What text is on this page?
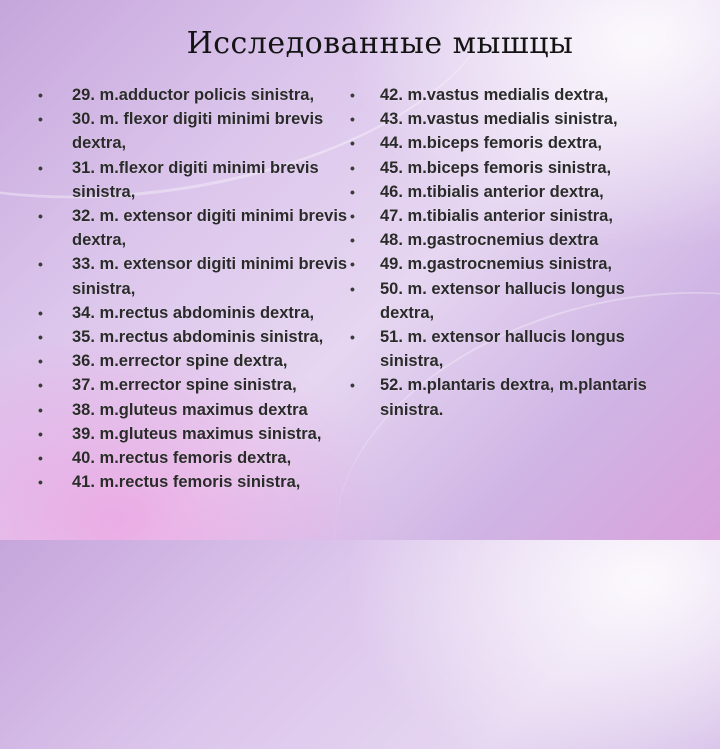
Исследованные мышцы
• 29. m.adductor policis sinistra,
• 30. m. flexor digiti minimi brevis dextra,
• 31. m.flexor digiti minimi brevis sinistra,
• 32. m. extensor digiti minimi brevis dextra,
• 33. m. extensor digiti minimi brevis sinistra,
• 34. m.rectus abdominis dextra,
• 35. m.rectus abdominis sinistra,
• 36. m.errector spine dextra,
• 37. m.errector spine sinistra,
• 38. m.gluteus maximus dextra
• 39. m.gluteus maximus sinistra,
• 40. m.rectus femoris dextra,
• 41. m.rectus femoris sinistra,
• 42. m.vastus medialis dextra,
• 43. m.vastus medialis sinistra,
• 44. m.biceps femoris dextra,
• 45. m.biceps femoris sinistra,
• 46. m.tibialis anterior dextra,
• 47. m.tibialis anterior sinistra,
• 48. m.gastrocnemius dextra
• 49. m.gastrocnemius sinistra,
• 50. m. extensor hallucis longus dextra,
• 51. m. extensor hallucis longus sinistra,
• 52. m.plantaris dextra, m.plantaris sinistra.
